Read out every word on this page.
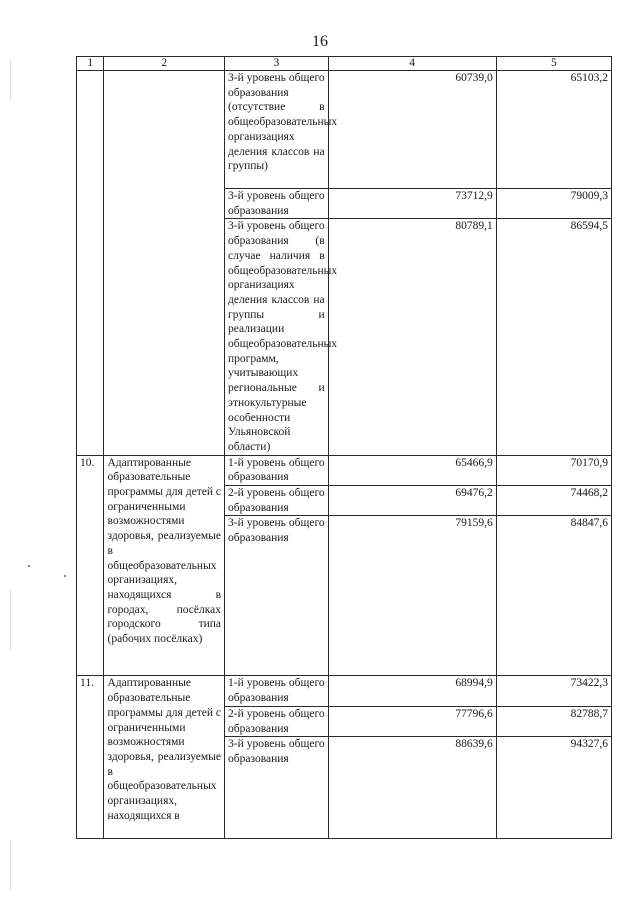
16
1	2	3	4	5
		3-й уровень общего образования (отсутствие в общеобразовательных организациях деления классов на группы)	60739,0	65103,2
		3-й уровень общего образования	73712,9	79009,3
		3-й уровень общего образования (в случае наличия в общеобразовательных организациях деления классов на группы и реализации общеобразовательных программ, учитывающих региональные и этнокультурные особенности Ульяновской области)	80789,1	86594,5
10.	Адаптированные образовательные программы для детей с ограниченными возможностями здоровья, реализуемые в общеобразовательных организациях, находящихся в городах, посёлках городского типа (рабочих посёлках)	1-й уровень общего образования	65466,9	70170,9
		2-й уровень общего образования	69476,2	74468,2
		3-й уровень общего образования	79159,6	84847,6
11.	Адаптированные образовательные программы для детей с ограниченными возможностями здоровья, реализуемые в общеобразовательных организациях, находящихся в	1-й уровень общего образования	68994,9	73422,3
		2-й уровень общего образования	77796,6	82788,7
		3-й уровень общего образования	88639,6	94327,6
